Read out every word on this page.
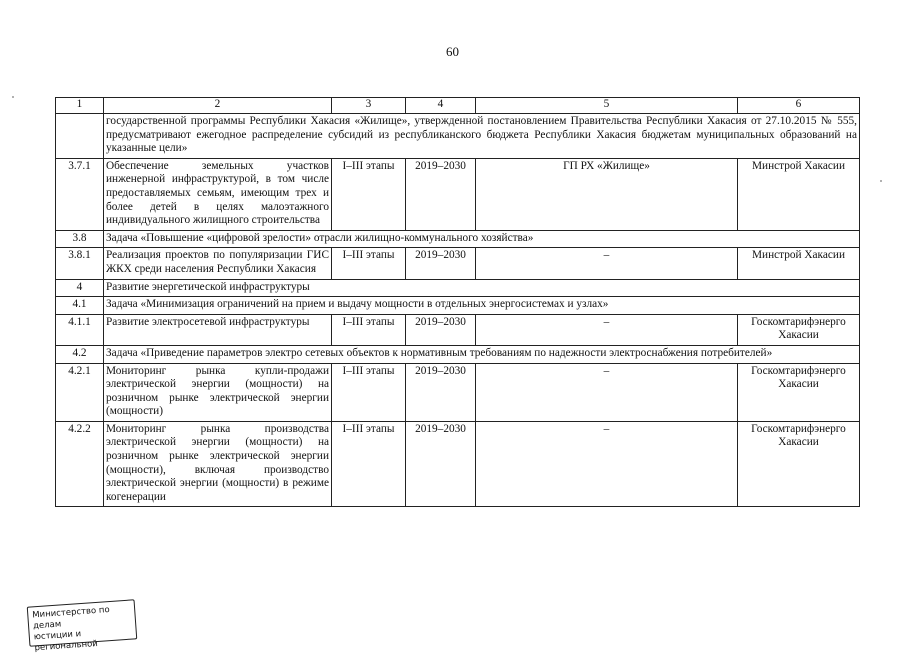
60
1	2	3	4	5	6
	государственной программы Республики Хакасия «Жилище», утвержденной постановлением Правительства Республики Хакасия от 27.10.2015 № 555, предусматривают ежегодное распределение субсидий из республиканского бюджета Республики Хакасия бюджетам муниципальных образований на указанные цели»				
3.7.1	Обеспечение земельных участков инженерной инфраструктурой, в том числе предоставляемых семьям, имеющим трех и более детей в целях малоэтажного индивидуального жилищного строительства	I–III этапы	2019–2030	ГП РХ «Жилище»	Минстрой Хакасии
3.8	Задача «Повышение «цифровой зрелости» отрасли жилищно-коммунального хозяйства»				
3.8.1	Реализация проектов по популяризации ГИС ЖКХ среди населения Республики Хакасия	I–III этапы	2019–2030	–	Минстрой Хакасии
4	Развитие энергетической инфраструктуры				
4.1	Задача «Минимизация ограничений на прием и выдачу мощности в отдельных энергосистемах и узлах»				
4.1.1	Развитие электросетевой инфраструктуры	I–III этапы	2019–2030	–	Госкомтарифэнерго Хакасии
4.2	Задача «Приведение параметров электро сетевых объектов к нормативным требованиям по надежности электроснабжения потребителей»				
4.2.1	Мониторинг рынка купли-продажи электрической энергии (мощности) на розничном рынке электрической энергии (мощности)	I–III этапы	2019–2030	–	Госкомтарифэнерго Хакасии
4.2.2	Мониторинг рынка производства электрической энергии (мощности) на розничном рынке электрической энергии (мощности), включая производство электрической энергии (мощности) в режиме когенерации	I–III этапы	2019–2030	–	Госкомтарифэнерго Хакасии
Министерство по делам
юстиции и региональной
